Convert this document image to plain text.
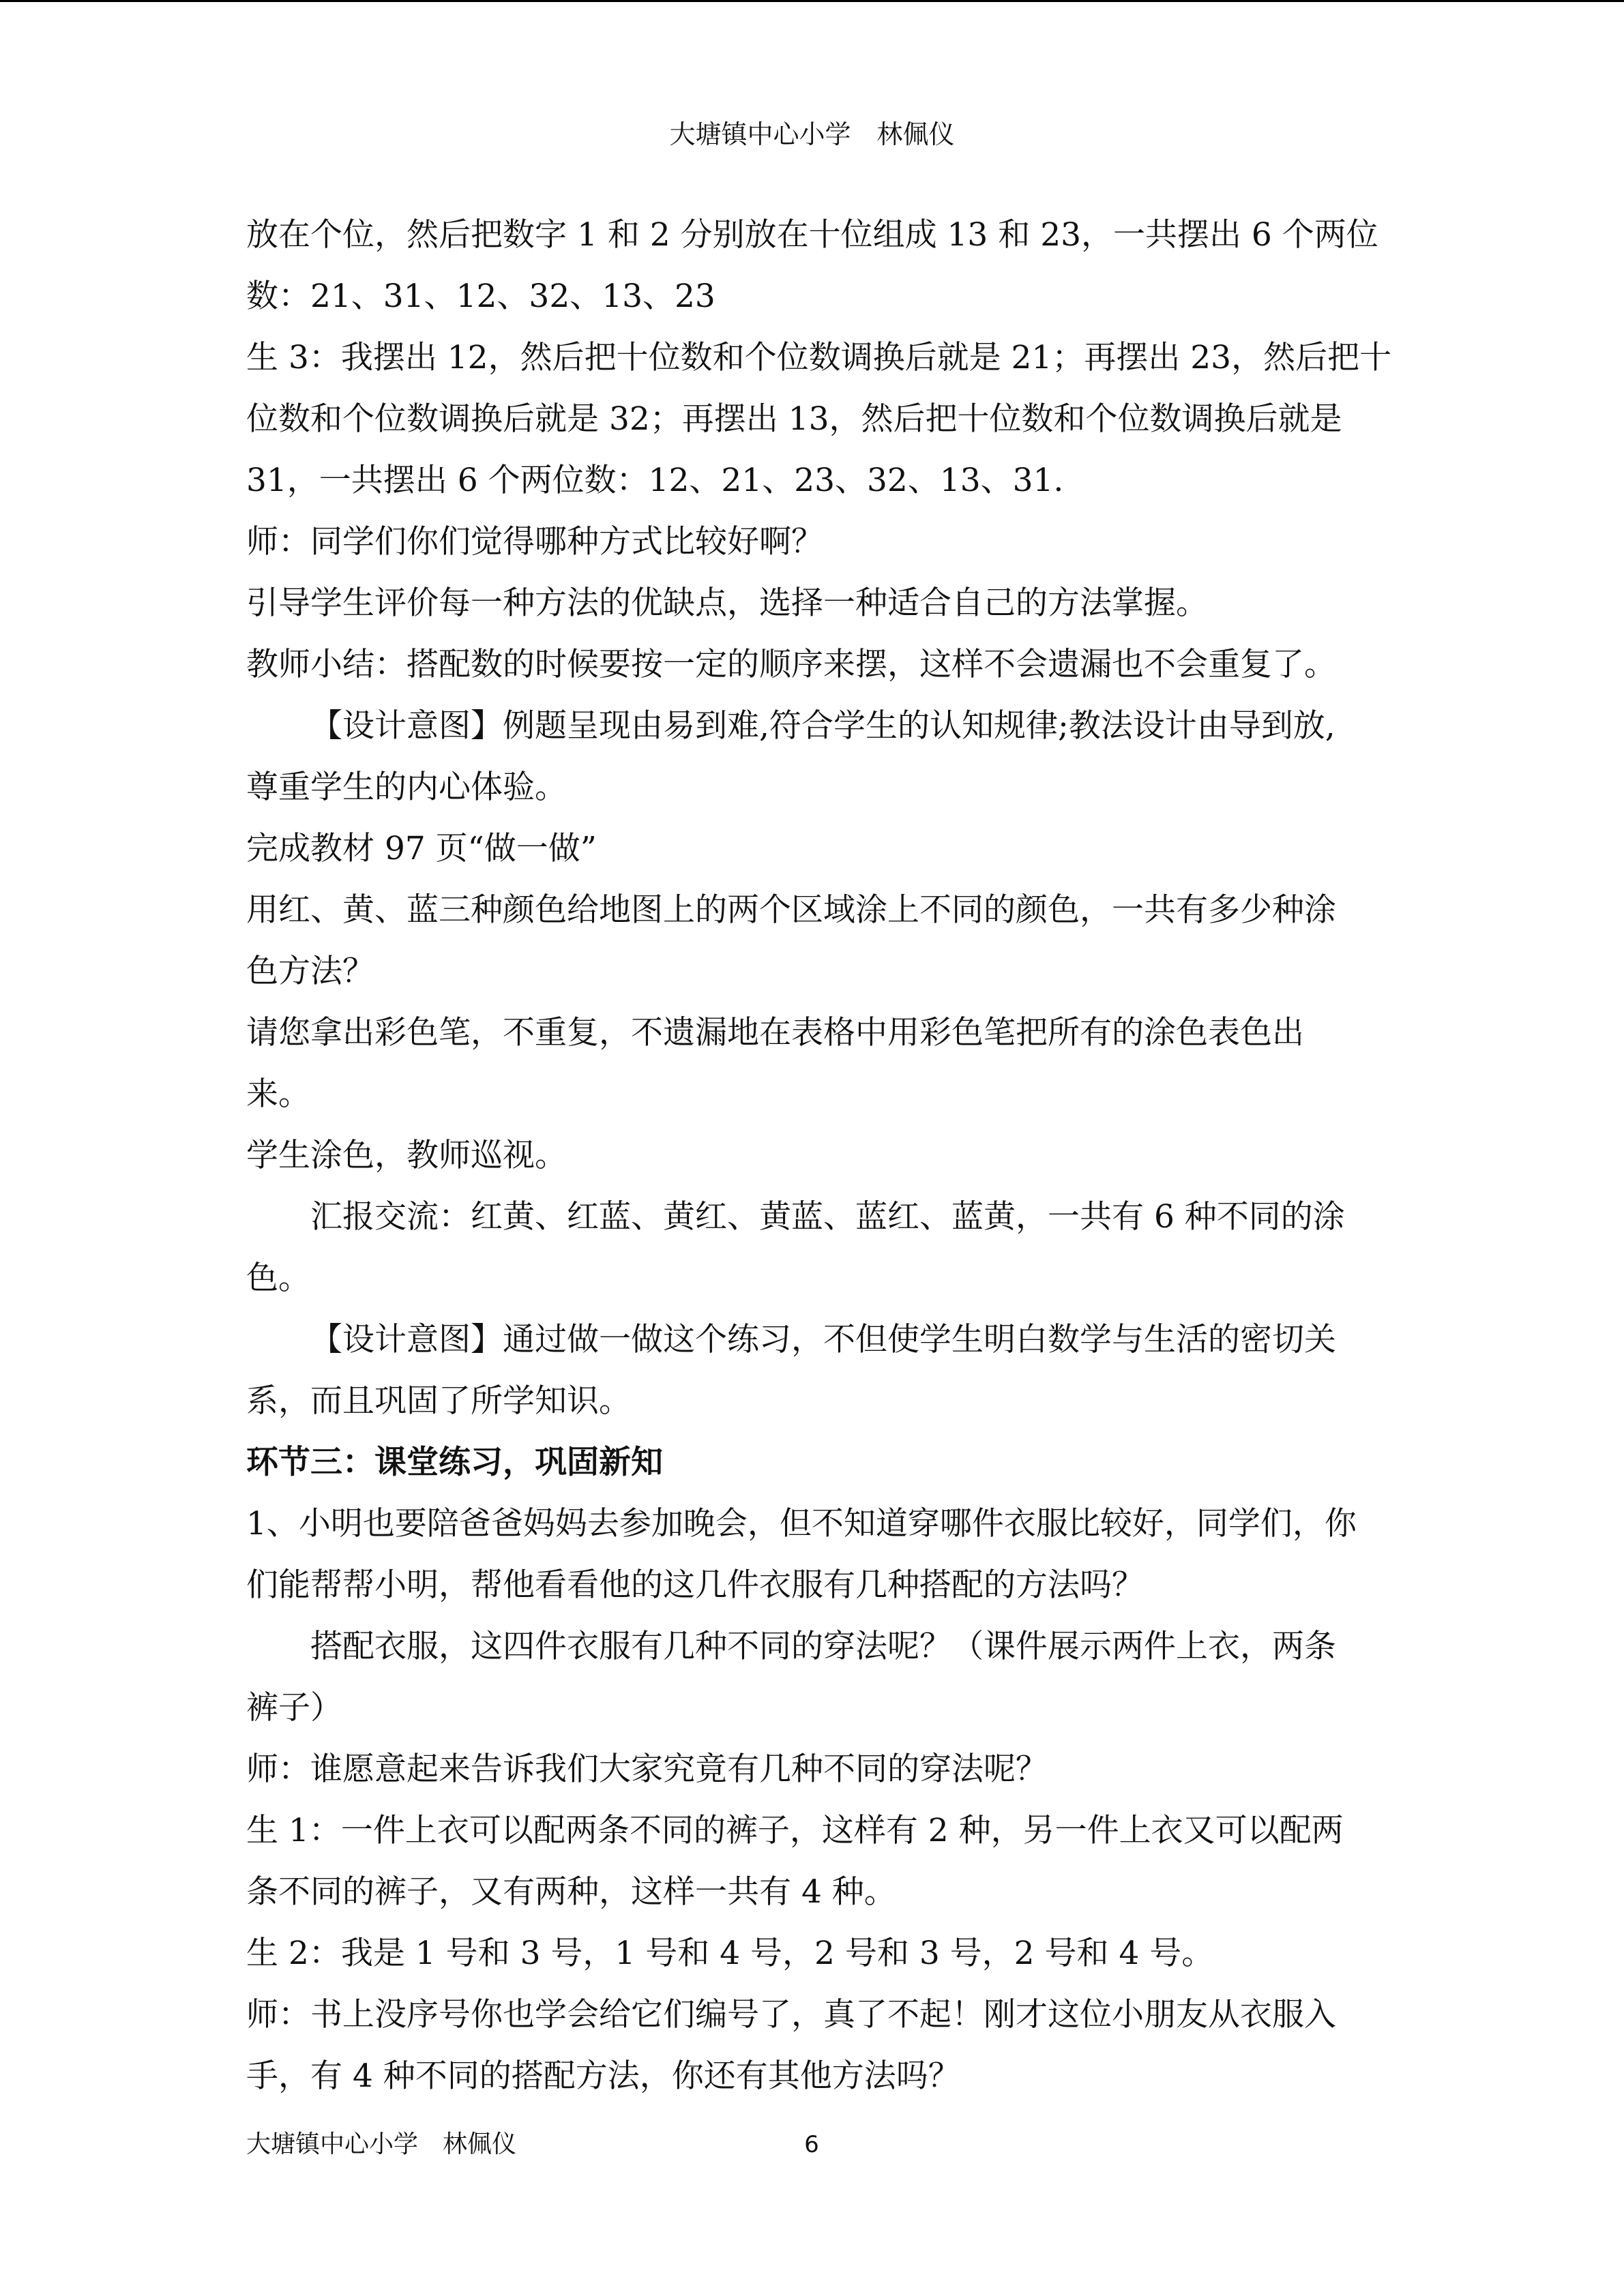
大塘镇中心小学　林佩仪
放在个位，然后把数字 1 和 2 分别放在十位组成 13 和 23，一共摆出 6 个两位
数：21、31、12、32、13、23
生 3：我摆出 12，然后把十位数和个位数调换后就是 21；再摆出 23，然后把十
位数和个位数调换后就是 32；再摆出 13，然后把十位数和个位数调换后就是
31，一共摆出 6 个两位数：12、21、23、32、13、31.
师：同学们你们觉得哪种方式比较好啊？
引导学生评价每一种方法的优缺点，选择一种适合自己的方法掌握。
教师小结：搭配数的时候要按一定的顺序来摆，这样不会遗漏也不会重复了。
【设计意图】例题呈现由易到难,符合学生的认知规律;教法设计由导到放,
尊重学生的内心体验。
完成教材 97 页“做一做”
用红、黄、蓝三种颜色给地图上的两个区域涂上不同的颜色，一共有多少种涂
色方法？
请您拿出彩色笔，不重复，不遗漏地在表格中用彩色笔把所有的涂色表色出
来。
学生涂色，教师巡视。
汇报交流：红黄、红蓝、黄红、黄蓝、蓝红、蓝黄，一共有 6 种不同的涂
色。
【设计意图】通过做一做这个练习，不但使学生明白数学与生活的密切关
系，而且巩固了所学知识。
环节三：课堂练习，巩固新知
1、小明也要陪爸爸妈妈去参加晚会，但不知道穿哪件衣服比较好，同学们，你
们能帮帮小明，帮他看看他的这几件衣服有几种搭配的方法吗？
搭配衣服，这四件衣服有几种不同的穿法呢？（课件展示两件上衣，两条
裤子）
师：谁愿意起来告诉我们大家究竟有几种不同的穿法呢？
生 1：一件上衣可以配两条不同的裤子，这样有 2 种，另一件上衣又可以配两
条不同的裤子，又有两种，这样一共有 4 种。
生 2：我是 1 号和 3 号，1 号和 4 号，2 号和 3 号，2 号和 4 号。
师：书上没序号你也学会给它们编号了，真了不起！刚才这位小朋友从衣服入
手，有 4 种不同的搭配方法，你还有其他方法吗？
大塘镇中心小学　林佩仪	6
